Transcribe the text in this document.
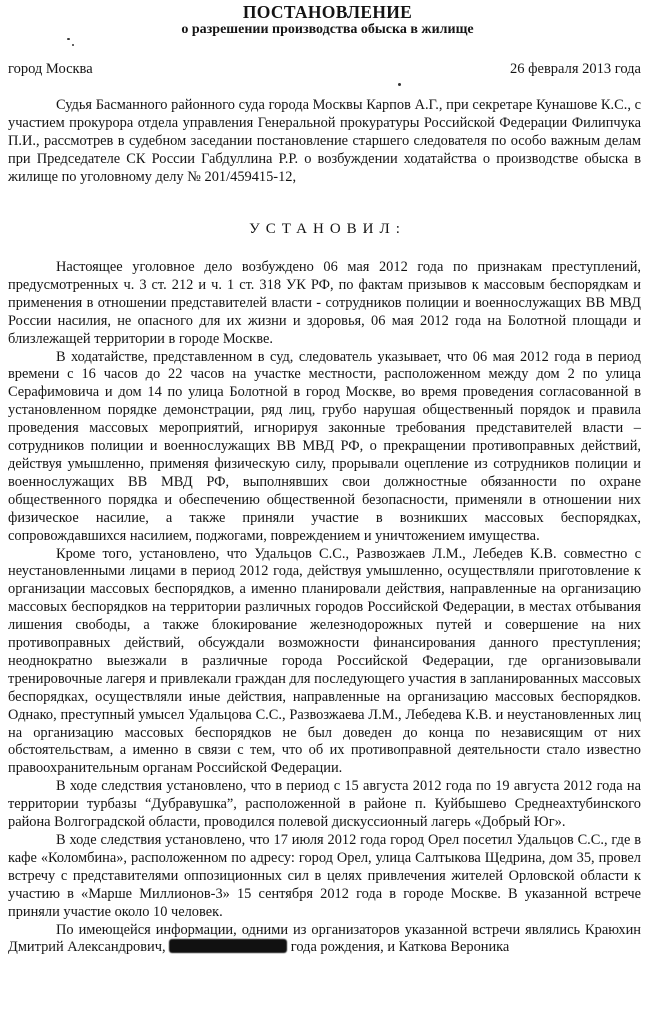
ПОСТАНОВЛЕНИЕ
о разрешении производства обыска в жилище
город Москва	26 февраля 2013 года

Судья Басманного районного суда города Москвы Карпов А.Г., при секретаре Кунашове К.С., с участием прокурора отдела управления Генеральной прокуратуры Российской Федерации Филипчука П.И., рассмотрев в судебном заседании постановление старшего следователя по особо важным делам при Председателе СК России Габдуллина Р.Р. о возбуждении ходатайства о производстве обыска в жилище по уголовному делу № 201/459415-12,

УСТАНОВИЛ:

Настоящее уголовное дело возбуждено 06 мая 2012 года по признакам преступлений, предусмотренных ч. 3 ст. 212 и ч. 1 ст. 318 УК РФ, по фактам призывов к массовым беспорядкам и применения в отношении представителей власти - сотрудников полиции и военнослужащих ВВ МВД России насилия, не опасного для их жизни и здоровья, 06 мая 2012 года на Болотной площади и близлежащей территории в городе Москве.

В ходатайстве, представленном в суд, следователь указывает, что 06 мая 2012 года в период времени с 16 часов до 22 часов на участке местности, расположенном между дом 2 по улица Серафимовича и дом 14 по улица Болотной в город Москве, во время проведения согласованной в установленном порядке демонстрации, ряд лиц, грубо нарушая общественный порядок и правила проведения массовых мероприятий, игнорируя законные требования представителей власти – сотрудников полиции и военнослужащих ВВ МВД РФ, о прекращении противоправных действий, действуя умышленно, применяя физическую силу, прорывали оцепление из сотрудников полиции и военнослужащих ВВ МВД РФ, выполнявших свои должностные обязанности по охране общественного порядка и обеспечению общественной безопасности, применяли в отношении них физическое насилие, а также приняли участие в возникших массовых беспорядках, сопровождавшихся насилием, поджогами, повреждением и уничтожением имущества.

Кроме того, установлено, что Удальцов С.С., Развозжаев Л.М., Лебедев К.В. совместно с неустановленными лицами в период 2012 года, действуя умышленно, осуществляли приготовление к организации массовых беспорядков, а именно планировали действия, направленные на организацию массовых беспорядков на территории различных городов Российской Федерации, в местах отбывания лишения свободы, а также блокирование железнодорожных путей и совершение на них противоправных действий, обсуждали возможности финансирования данного преступления; неоднократно выезжали в различные города Российской Федерации, где организовывали тренировочные лагеря и привлекали граждан для последующего участия в запланированных массовых беспорядках, осуществляли иные действия, направленные на организацию массовых беспорядков. Однако, преступный умысел Удальцова С.С., Развозжаева Л.М., Лебедева К.В. и неустановленных лиц на организацию массовых беспорядков не был доведен до конца по независящим от них обстоятельствам, а именно в связи с тем, что об их противоправной деятельности стало известно правоохранительным органам Российской Федерации.

В ходе следствия установлено, что в период с 15 августа 2012 года по 19 августа 2012 года на территории турбазы “Дубравушка”, расположенной в районе п. Куйбышево Среднеахтубинского района Волгоградской области, проводился полевой дискуссионный лагерь «Добрый Юг».

В ходе следствия установлено, что 17 июля 2012 года город Орел посетил Удальцов С.С., где в кафе «Коломбина», расположенном по адресу: город Орел, улица Салтыкова Щедрина, дом 35, провел встречу с представителями оппозиционных сил в целях привлечения жителей Орловской области к участию в «Марше Миллионов-3» 15 сентября 2012 года в городе Москве. В указанной встрече приняли участие около 10 человек.

По имеющейся информации, одними из организаторов указанной встречи являлись Краюхин Дмитрий Александрович,	года рождения, и Каткова Вероника
